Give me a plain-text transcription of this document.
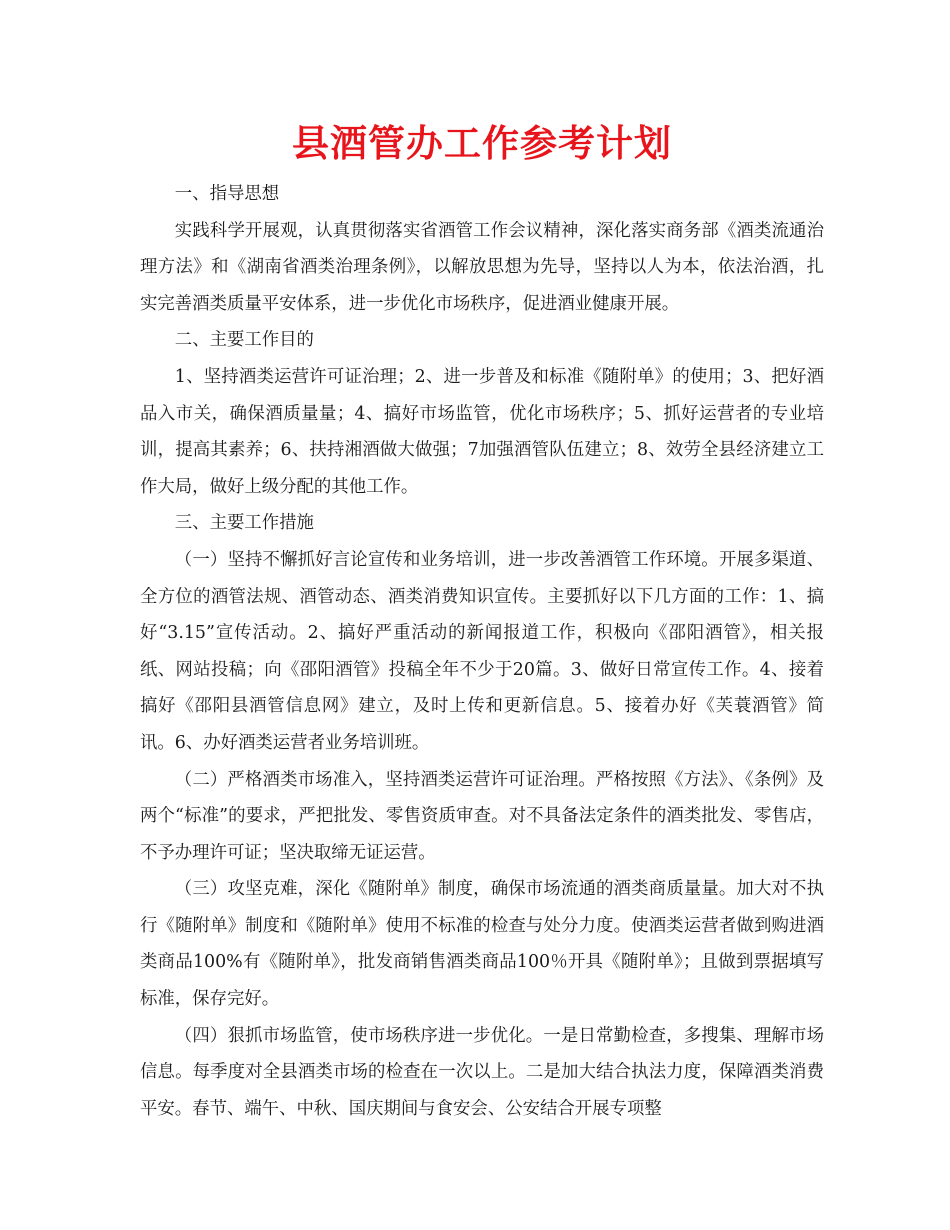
县酒管办工作参考计划

一、指导思想

实践科学开展观，认真贯彻落实省酒管工作会议精神，深化落实商务部《酒类流通治理方法》和《湖南省酒类治理条例》，以解放思想为先导，坚持以人为本，依法治酒，扎实完善酒类质量平安体系，进一步优化市场秩序，促进酒业健康开展。

二、主要工作目的

1、坚持酒类运营许可证治理；2、进一步普及和标准《随附单》的使用；3、把好酒品入市关，确保酒质量量；4、搞好市场监管，优化市场秩序；5、抓好运营者的专业培训，提高其素养；6、扶持湘酒做大做强；7加强酒管队伍建立；8、效劳全县经济建立工作大局，做好上级分配的其他工作。

三、主要工作措施

（一）坚持不懈抓好言论宣传和业务培训，进一步改善酒管工作环境。开展多渠道、全方位的酒管法规、酒管动态、酒类消费知识宣传。主要抓好以下几方面的工作：1、搞好“3.15”宣传活动。2、搞好严重活动的新闻报道工作，积极向《邵阳酒管》，相关报纸、网站投稿；向《邵阳酒管》投稿全年不少于20篇。3、做好日常宣传工作。4、接着搞好《邵阳县酒管信息网》建立，及时上传和更新信息。5、接着办好《芙蓑酒管》简讯。6、办好酒类运营者业务培训班。

（二）严格酒类市场准入，坚持酒类运营许可证治理。严格按照《方法》、《条例》及两个“标准”的要求，严把批发、零售资质审查。对不具备法定条件的酒类批发、零售店，不予办理许可证；坚决取缔无证运营。

（三）攻坚克难，深化《随附单》制度，确保市场流通的酒类商质量量。加大对不执行《随附单》制度和《随附单》使用不标准的检查与处分力度。使酒类运营者做到购进酒类商品100%有《随附单》，批发商销售酒类商品100％开具《随附单》；且做到票据填写标准，保存完好。

（四）狠抓市场监管，使市场秩序进一步优化。一是日常勤检查，多搜集、理解市场信息。每季度对全县酒类市场的检查在一次以上。二是加大结合执法力度，保障酒类消费平安。春节、端午、中秋、国庆期间与食安会、公安结合开展专项整
